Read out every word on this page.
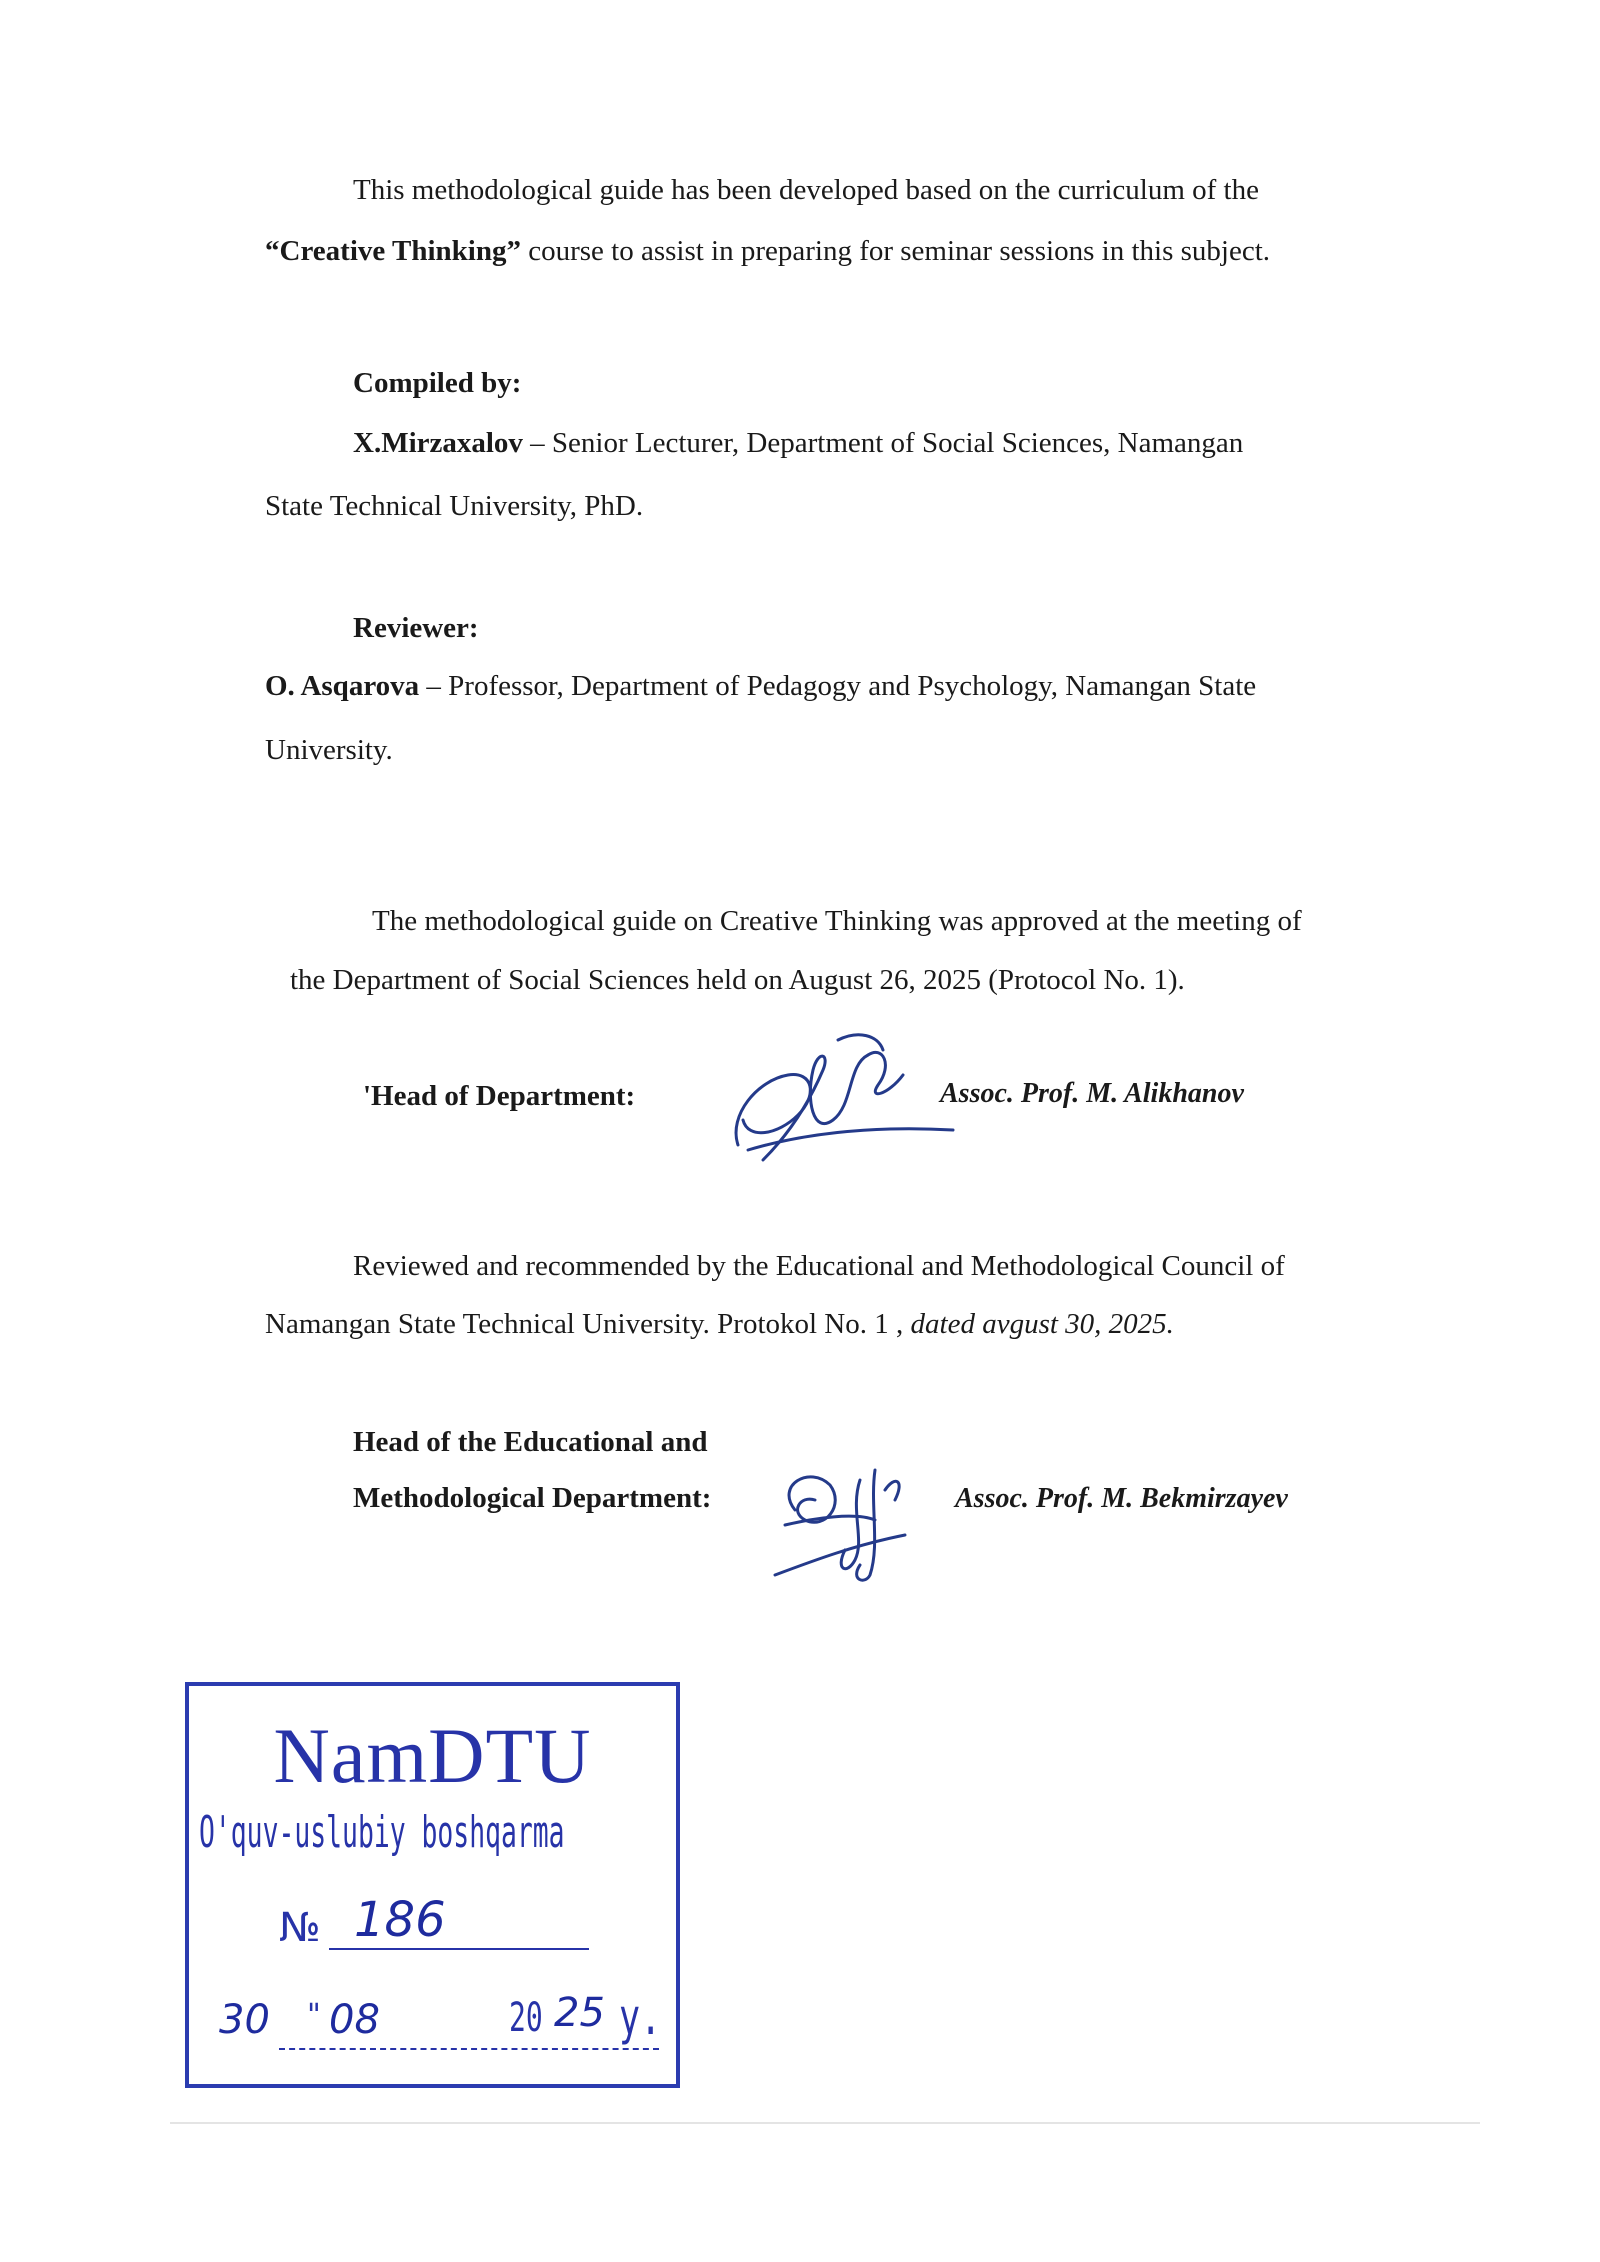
This methodological guide has been developed based on the curriculum of the
“Creative Thinking” course to assist in preparing for seminar sessions in this subject.
Compiled by:
X.Mirzaxalov – Senior Lecturer, Department of Social Sciences, Namangan
State Technical University, PhD.
Reviewer:
O. Asqarova – Professor, Department of Pedagogy and Psychology, Namangan State
University.
The methodological guide on Creative Thinking was approved at the meeting of
the Department of Social Sciences held on August 26, 2025 (Protocol No. 1).
'Head of Department:	Assoc. Prof. M. Alikhanov
Reviewed and recommended by the Educational and Methodological Council of
Namangan State Technical University. Protokol No. 1 , dated avgust 30, 2025.
Head of the Educational and
Methodological Department:	Assoc. Prof. M. Bekmirzayev
NamDTU
O'quv-uslubiy boshqarma
№ 186
30 " 08	20 25 y.
